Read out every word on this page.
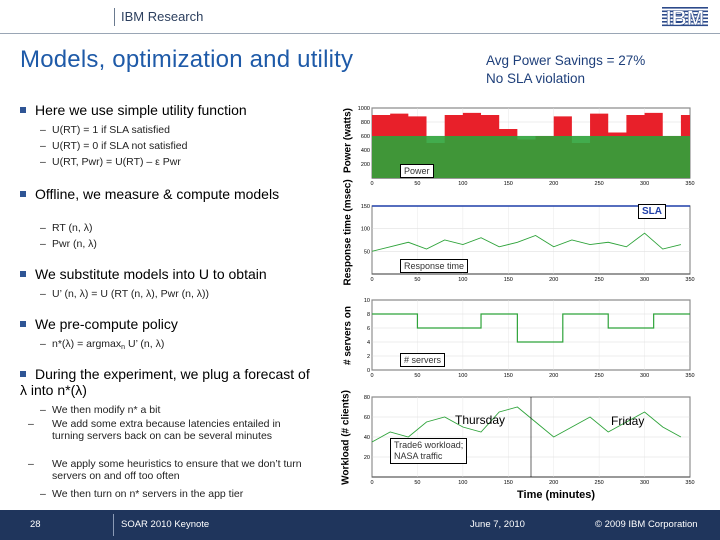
IBM Research	IBM
Models, optimization and utility	Avg Power Savings = 27%
No SLA violation
Here we use simple utility function
– U(RT) = 1 if SLA satisfied
– U(RT) = 0 if SLA not satisfied
– U(RT, Pwr) = U(RT) – ε Pwr
Offline, we measure & compute models
– RT (n, λ)
– Pwr (n, λ)
We substitute models into U to obtain
– U’ (n, λ) = U (RT (n, λ), Pwr (n, λ))
We pre-compute policy
– n*(λ) = argmax$_n$ U’ (n, λ)
During the experiment, we plug a forecast of λ into n*(λ)
– We then modify n* a bit
– We add some extra because latencies entailed in turning servers back on can be several minutes
– We apply some heuristics to ensure that we don’t turn servers on and off too often
– We then turn on n* servers in the app tier
1000
800
600
400
200
0	50	100	150	200	250	300	350
150
100
50
0	50	100	150	200	250	300	350
10
8
6
4
2
0
0	50	100	150	200	250	300	350
80
60
40
20
0	50	100	150	200	250	300	350
Power (watts)
Response time (msec)
# servers on
Workload (# clients)
Power
Response time
SLA
# servers
Thursday	Friday
Trade6 workload;
NASA traffic
Time (minutes)
28	SOAR 2010 Keynote	June 7, 2010	© 2009 IBM Corporation
